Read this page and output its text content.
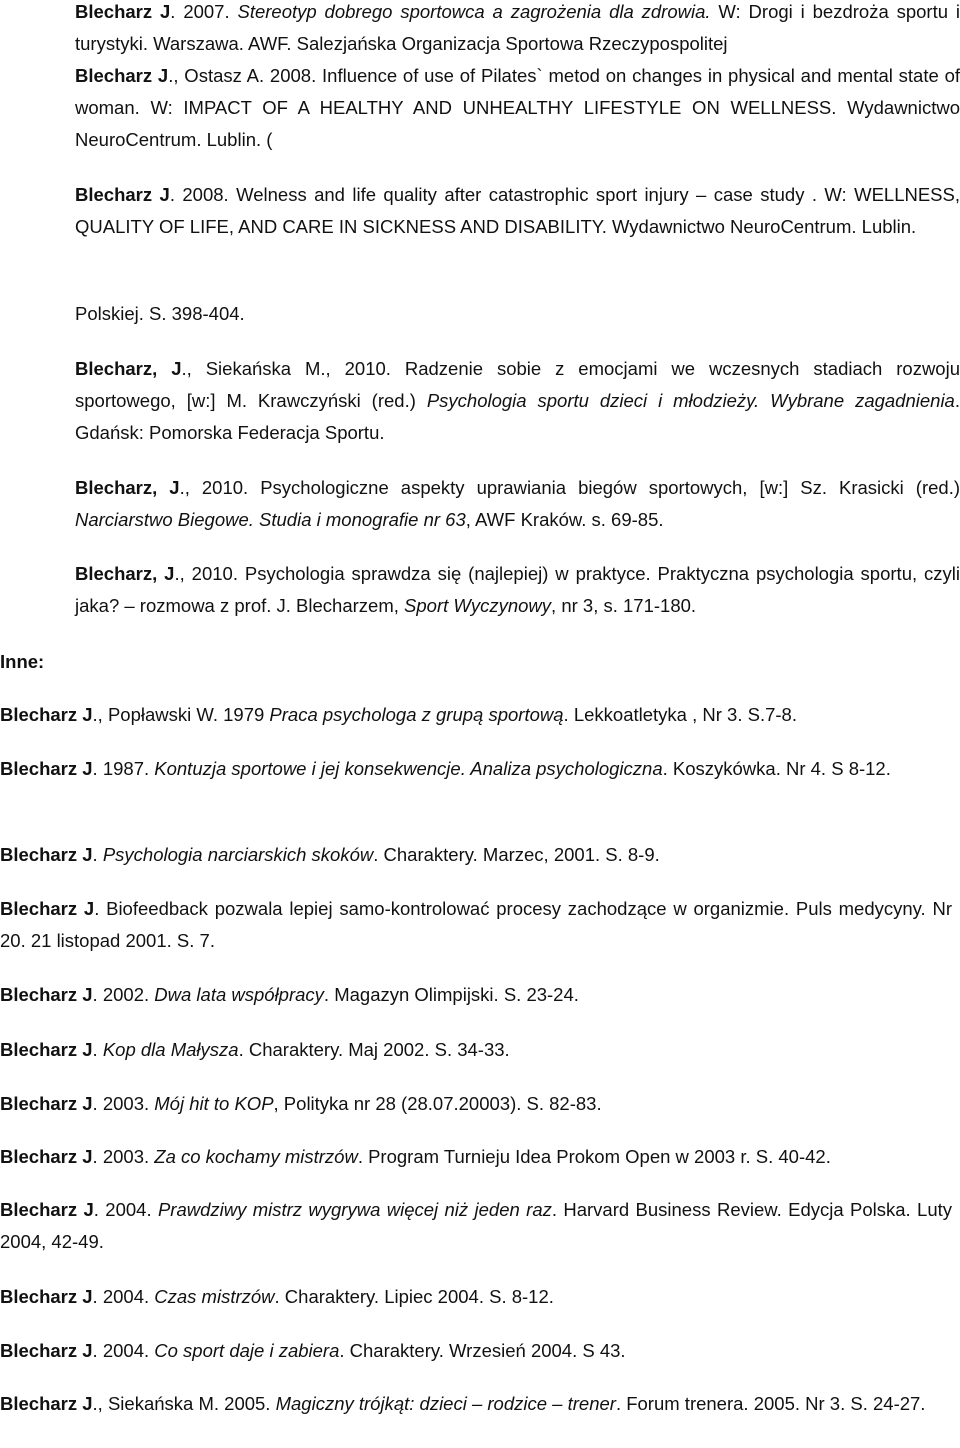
Blecharz J. 2007. Stereotyp dobrego sportowca a zagrożenia dla zdrowia. W: Drogi i bezdroża sportu i turystyki. Warszawa. AWF. Salezjańska Organizacja Sportowa Rzeczypospolitej
Blecharz J., Ostasz A. 2008. Influence of use of Pilates` metod on changes in physical and mental state of woman. W: IMPACT OF A HEALTHY AND UNHEALTHY LIFESTYLE ON WELLNESS. Wydawnictwo NeuroCentrum. Lublin. (
Blecharz J. 2008. Welness and life quality after catastrophic sport injury – case study . W: WELLNESS, QUALITY OF LIFE, AND CARE IN SICKNESS AND DISABILITY. Wydawnictwo NeuroCentrum. Lublin.
Polskiej. S. 398-404.
Blecharz, J., Siekańska M., 2010. Radzenie sobie z emocjami we wczesnych stadiach rozwoju sportowego, [w:] M. Krawczyński (red.) Psychologia sportu dzieci i młodzieży. Wybrane zagadnienia. Gdańsk: Pomorska Federacja Sportu.
Blecharz, J., 2010. Psychologiczne aspekty uprawiania biegów sportowych, [w:] Sz. Krasicki (red.) Narciarstwo Biegowe. Studia i monografie nr 63, AWF Kraków. s. 69-85.
Blecharz, J., 2010. Psychologia sprawdza się (najlepiej) w praktyce. Praktyczna psychologia sportu, czyli jaka? – rozmowa z prof. J. Blecharzem, Sport Wyczynowy, nr 3, s. 171-180.
Inne:
Blecharz J., Popławski W. 1979 Praca psychologa z grupą sportową. Lekkoatletyka , Nr 3. S.7-8.
Blecharz J. 1987. Kontuzja sportowe i jej konsekwencje. Analiza psychologiczna. Koszykówka. Nr 4. S 8-12.
Blecharz J. Psychologia narciarskich skoków. Charaktery. Marzec, 2001. S. 8-9.
Blecharz J. Biofeedback pozwala lepiej samo-kontrolować procesy zachodzące w organizmie. Puls medycyny. Nr 20. 21 listopad 2001. S. 7.
Blecharz J. 2002. Dwa lata współpracy. Magazyn Olimpijski. S. 23-24.
Blecharz J. Kop dla Małysza. Charaktery. Maj 2002. S. 34-33.
Blecharz J. 2003. Mój hit to KOP, Polityka nr 28 (28.07.20003). S. 82-83.
Blecharz J. 2003. Za co kochamy mistrzów. Program Turnieju Idea Prokom Open w 2003 r. S. 40-42.
Blecharz J. 2004. Prawdziwy mistrz wygrywa więcej niż jeden raz. Harvard Business Review. Edycja Polska. Luty 2004, 42-49.
Blecharz J. 2004. Czas mistrzów. Charaktery. Lipiec 2004. S. 8-12.
Blecharz J. 2004. Co sport daje i zabiera. Charaktery. Wrzesień 2004. S 43.
Blecharz J., Siekańska M. 2005. Magiczny trójkąt: dzieci – rodzice – trener. Forum trenera. 2005. Nr 3. S. 24-27.
